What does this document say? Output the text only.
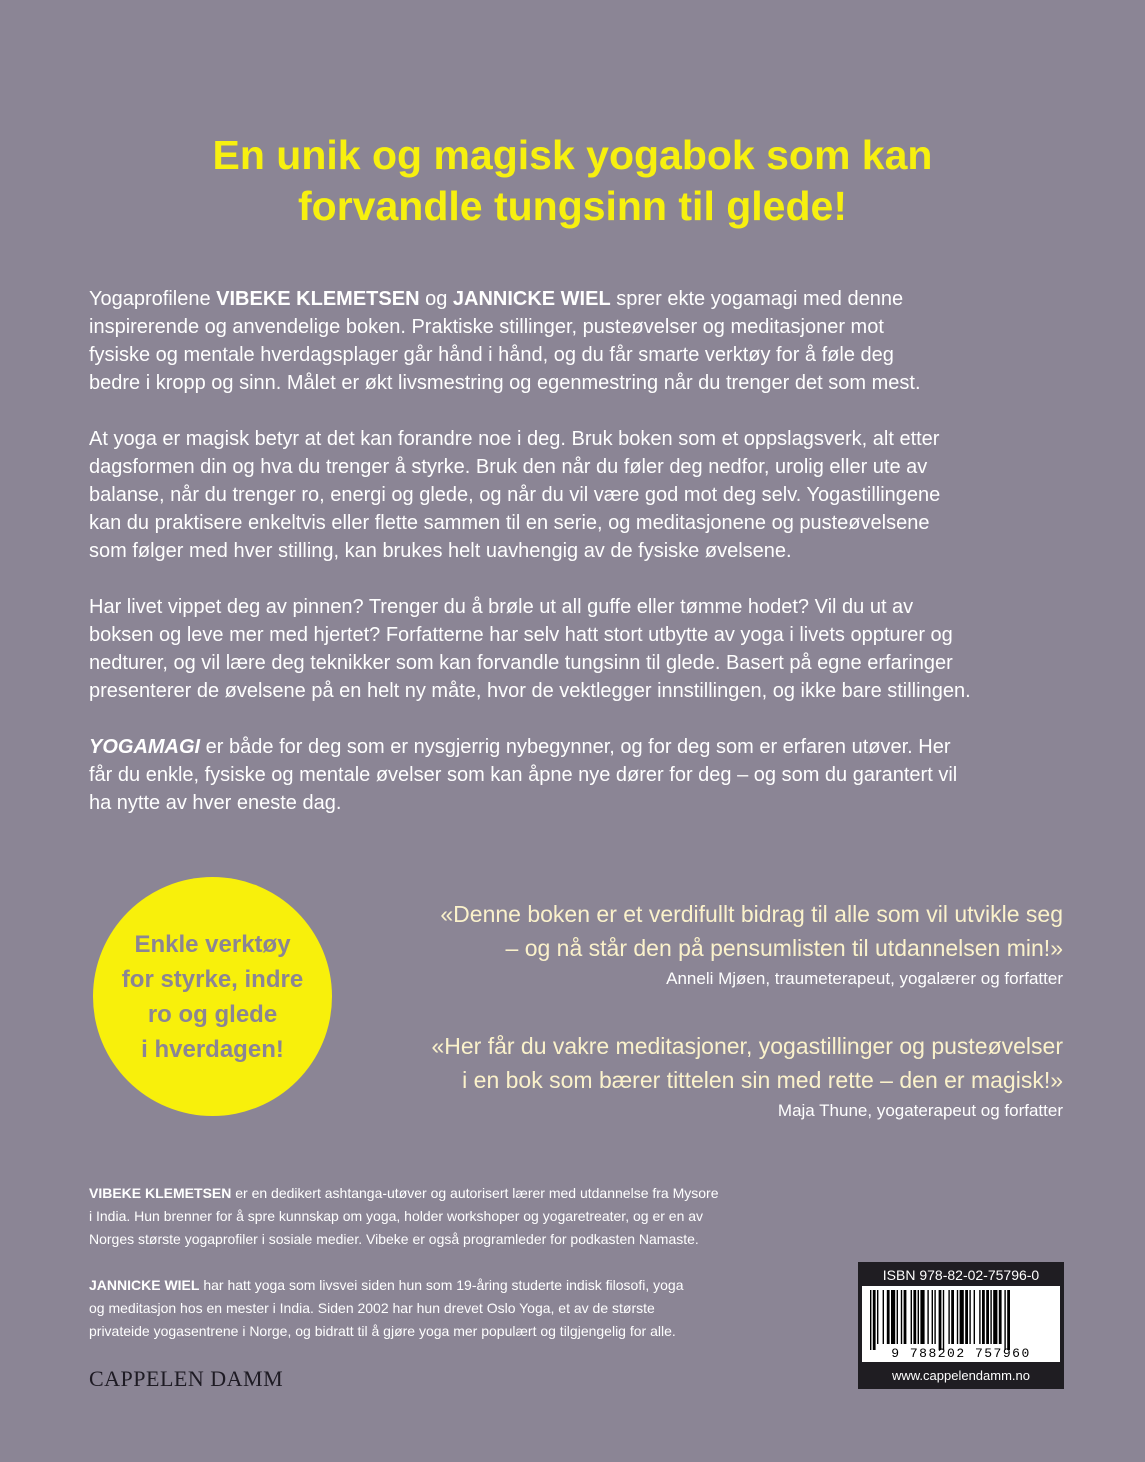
En unik og magisk yogabok som kan
forvandle tungsinn til glede!

Yogaprofilene VIBEKE KLEMETSEN og JANNICKE WIEL sprer ekte yogamagi med denne
inspirerende og anvendelige boken. Praktiske stillinger, pusteøvelser og meditasjoner mot
fysiske og mentale hverdagsplager går hånd i hånd, og du får smarte verktøy for å føle deg
bedre i kropp og sinn. Målet er økt livsmestring og egenmestring når du trenger det som mest.

At yoga er magisk betyr at det kan forandre noe i deg. Bruk boken som et oppslagsverk, alt etter
dagsformen din og hva du trenger å styrke. Bruk den når du føler deg nedfor, urolig eller ute av
balanse, når du trenger ro, energi og glede, og når du vil være god mot deg selv. Yogastillingene
kan du praktisere enkeltvis eller flette sammen til en serie, og meditasjonene og pusteøvelsene
som følger med hver stilling, kan brukes helt uavhengig av de fysiske øvelsene.

Har livet vippet deg av pinnen? Trenger du å brøle ut all guffe eller tømme hodet? Vil du ut av
boksen og leve mer med hjertet? Forfatterne har selv hatt stort utbytte av yoga i livets oppturer og
nedturer, og vil lære deg teknikker som kan forvandle tungsinn til glede. Basert på egne erfaringer
presenterer de øvelsene på en helt ny måte, hvor de vektlegger innstillingen, og ikke bare stillingen.

YOGAMAGI er både for deg som er nysgjerrig nybegynner, og for deg som er erfaren utøver. Her
får du enkle, fysiske og mentale øvelser som kan åpne nye dører for deg – og som du garantert vil
ha nytte av hver eneste dag.

Enkle verktøy
for styrke, indre
ro og glede
i hverdagen!
«Denne boken er et verdifullt bidrag til alle som vil utvikle seg
– og nå står den på pensumlisten til utdannelsen min!»
Anneli Mjøen, traumeterapeut, yogalærer og forfatter
«Her får du vakre meditasjoner, yogastillinger og pusteøvelser
i en bok som bærer tittelen sin med rette – den er magisk!»
Maja Thune, yogaterapeut og forfatter

VIBEKE KLEMETSEN er en dedikert ashtanga-utøver og autorisert lærer med utdannelse fra Mysore
i India. Hun brenner for å spre kunnskap om yoga, holder workshoper og yogaretreater, og er en av
Norges største yogaprofiler i sosiale medier. Vibeke er også programleder for podkasten Namaste.

JANNICKE WIEL har hatt yoga som livsvei siden hun som 19-åring studerte indisk filosofi, yoga
og meditasjon hos en mester i India. Siden 2002 har hun drevet Oslo Yoga, et av de største
privateide yogasentrene i Norge, og bidratt til å gjøre yoga mer populært og tilgjengelig for alle.

CAPPELEN DAMM
ISBN 978-82-02-75796-0
9 788202 757960
www.cappelendamm.no
